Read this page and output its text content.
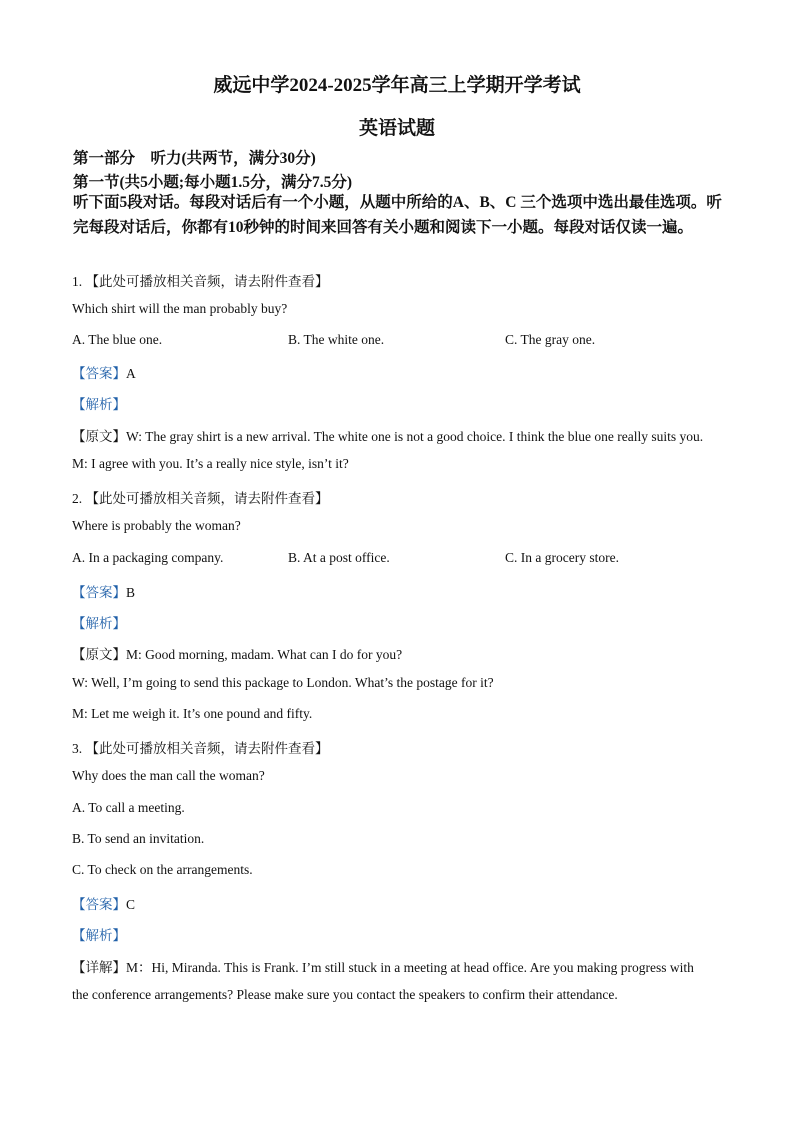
威远中学2024-2025学年高三上学期开学考试
英语试题
第一部分　听力(共两节，满分30分)
第一节(共5小题;每小题1.5分，满分7.5分)
听下面5段对话。每段对话后有一个小题，从题中所给的A、B、C 三个选项中选出最佳选项。听完每段对话后，你都有10秒钟的时间来回答有关小题和阅读下一小题。每段对话仅读一遍。
1. 【此处可播放相关音频，请去附件查看】
Which shirt will the man probably buy?
A. The blue one.	B. The white one.	C. The gray one.
【答案】A
【解析】
【原文】W: The gray shirt is a new arrival. The white one is not a good choice. I think the blue one really suits you.
M: I agree with you. It’s a really nice style, isn’t it?
2. 【此处可播放相关音频，请去附件查看】
Where is probably the woman?
A. In a packaging company.	B. At a post office.	C. In a grocery store.
【答案】B
【解析】
【原文】M: Good morning, madam. What can I do for you?
W: Well, I’m going to send this package to London. What’s the postage for it?
M: Let me weigh it. It’s one pound and fifty.
3. 【此处可播放相关音频，请去附件查看】
Why does the man call the woman?
A. To call a meeting.
B. To send an invitation.
C. To check on the arrangements.
【答案】C
【解析】
【详解】M：Hi, Miranda. This is Frank. I’m still stuck in a meeting at head office. Are you making progress with
the conference arrangements? Please make sure you contact the speakers to confirm their attendance.
